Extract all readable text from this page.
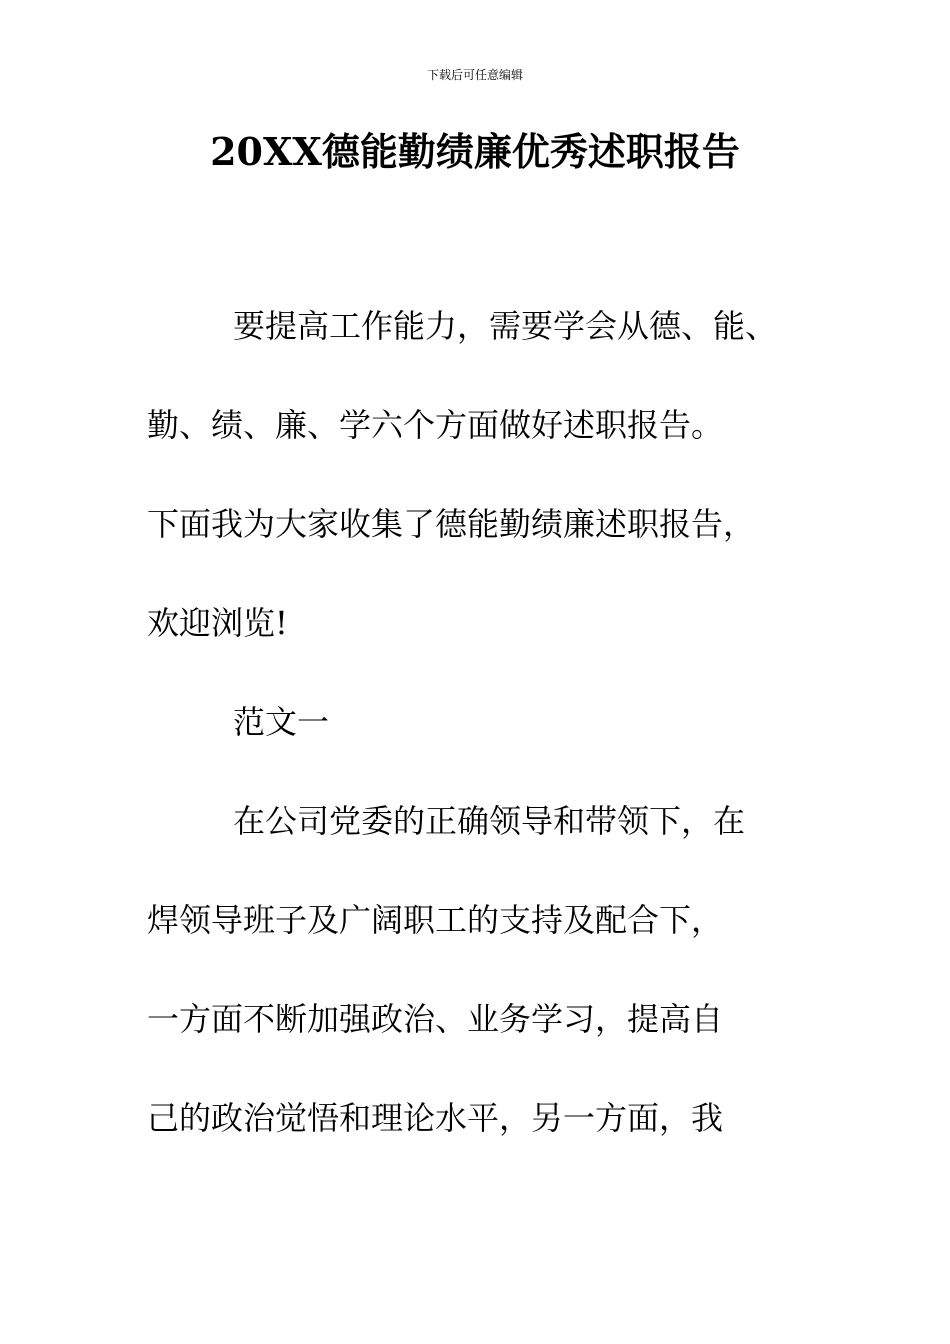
下载后可任意编辑
20XX德能勤绩廉优秀述职报告
要提高工作能力，需要学会从德、能、
勤、绩、廉、学六个方面做好述职报告。
下面我为大家收集了德能勤绩廉述职报告，
欢迎浏览!
范文一
在公司党委的正确领导和带领下，在
焊领导班子及广阔职工的支持及配合下，
一方面不断加强政治、业务学习，提高自
己的政治觉悟和理论水平，另一方面，我
